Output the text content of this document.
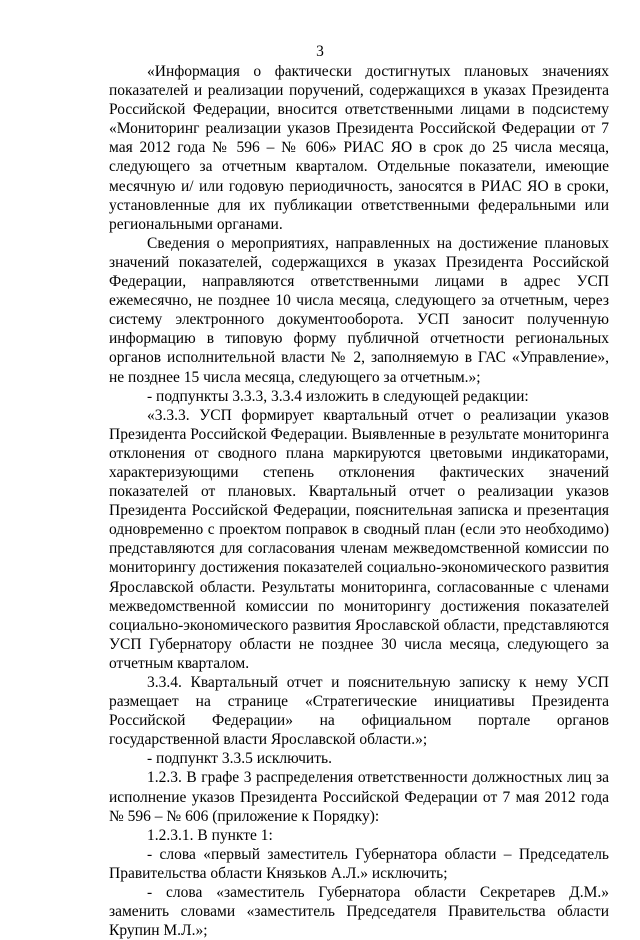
3

«Информация о фактически достигнутых плановых значениях показателей и реализации поручений, содержащихся в указах Президента Российской Федерации, вносится ответственными лицами в подсистему «Мониторинг реализации указов Президента Российской Федерации от 7 мая 2012 года № 596 – № 606» РИАС ЯО в срок до 25 числа месяца, следующего за отчетным кварталом. Отдельные показатели, имеющие месячную и/ или годовую периодичность, заносятся в РИАС ЯО в сроки, установленные для их публикации ответственными федеральными или региональными органами.

Сведения о мероприятиях, направленных на достижение плановых значений показателей, содержащихся в указах Президента Российской Федерации, направляются ответственными лицами в адрес УСП ежемесячно, не позднее 10 числа месяца, следующего за отчетным, через систему электронного документооборота. УСП заносит полученную информацию в типовую форму публичной отчетности региональных органов исполнительной власти № 2, заполняемую в ГАС «Управление», не позднее 15 числа месяца, следующего за отчетным.»;

- подпункты 3.3.3, 3.3.4 изложить в следующей редакции:

«3.3.3. УСП формирует квартальный отчет о реализации указов Президента Российской Федерации. Выявленные в результате мониторинга отклонения от сводного плана маркируются цветовыми индикаторами, характеризующими степень отклонения фактических значений показателей от плановых. Квартальный отчет о реализации указов Президента Российской Федерации, пояснительная записка и презентация одновременно с проектом поправок в сводный план (если это необходимо) представляются для согласования членам межведомственной комиссии по мониторингу достижения показателей социально-экономического развития Ярославской области. Результаты мониторинга, согласованные с членами межведомственной комиссии по мониторингу достижения показателей социально-экономического развития Ярославской области, представляются УСП Губернатору области не позднее 30 числа месяца, следующего за отчетным кварталом.

3.3.4. Квартальный отчет и пояснительную записку к нему УСП размещает на странице «Стратегические инициативы Президента Российской Федерации» на официальном портале органов государственной власти Ярославской области.»;

- подпункт 3.3.5 исключить.

1.2.3. В графе 3 распределения ответственности должностных лиц за исполнение указов Президента Российской Федерации от 7 мая 2012 года № 596 – № 606 (приложение к Порядку):

1.2.3.1. В пункте 1:

- слова «первый заместитель Губернатора области – Председатель Правительства области Князьков А.Л.» исключить;

- слова «заместитель Губернатора области Секретарев Д.М.» заменить словами «заместитель Председателя Правительства области Крупин М.Л.»;
